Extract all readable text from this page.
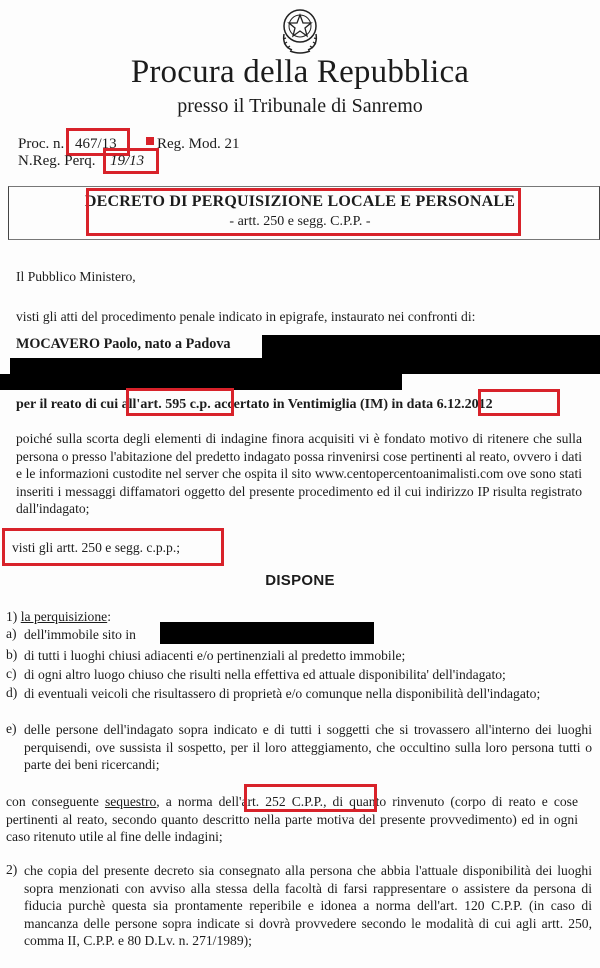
Procura della Repubblica
presso il Tribunale di Sanremo
Proc. n. 467/13	Reg. Mod. 21
N.Reg. Perq. 19/13
DECRETO DI PERQUISIZIONE LOCALE E PERSONALE
- artt. 250 e segg. C.P.P. -
Il Pubblico Ministero,
visti gli atti del procedimento penale indicato in epigrafe, instaurato nei confronti di:
MOCAVERO Paolo, nato a Padova
per il reato di cui all'art. 595 c.p. accertato in Ventimiglia (IM) in data 6.12.2012
poiché sulla scorta degli elementi di indagine finora acquisiti vi è fondato motivo di ritenere che sulla persona o presso l'abitazione del predetto indagato possa rinvenirsi cose pertinenti al reato, ovvero i dati e le informazioni custodite nel server che ospita il sito www.centopercentoanimalisti.com ove sono stati inseriti i messaggi diffamatori oggetto del presente procedimento ed il cui indirizzo IP risulta registrato dall'indagato;
visti gli artt. 250 e segg. c.p.p.;
DISPONE
1) la perquisizione:
a) dell'immobile sito in
b) di tutti i luoghi chiusi adiacenti e/o pertinenziali al predetto immobile;
c) di ogni altro luogo chiuso che risulti nella effettiva ed attuale disponibilita' dell'indagato;
d) di eventuali veicoli che risultassero di proprietà e/o comunque nella disponibilità dell'indagato;
e) delle persone dell'indagato sopra indicato e di tutti i soggetti che si trovassero all'interno dei luoghi perquisendi, ove sussista il sospetto, per il loro atteggiamento, che occultino sulla loro persona tutti o parte dei beni ricercandi;
con conseguente sequestro, a norma dell'art. 252 C.P.P., di quanto rinvenuto (corpo di reato e cose pertinenti al reato, secondo quanto descritto nella parte motiva del presente provvedimento) ed in ogni caso ritenuto utile al fine delle indagini;
2) che copia del presente decreto sia consegnato alla persona che abbia l'attuale disponibilità dei luoghi sopra menzionati con avviso alla stessa della facoltà di farsi rappresentare o assistere da persona di fiducia purchè questa sia prontamente reperibile e idonea a norma dell'art. 120 C.P.P. (in caso di mancanza delle persone sopra indicate si dovrà provvedere secondo le modalità di cui agli artt. 250, comma II, C.P.P. e 80 D.Lv. n. 271/1989);
